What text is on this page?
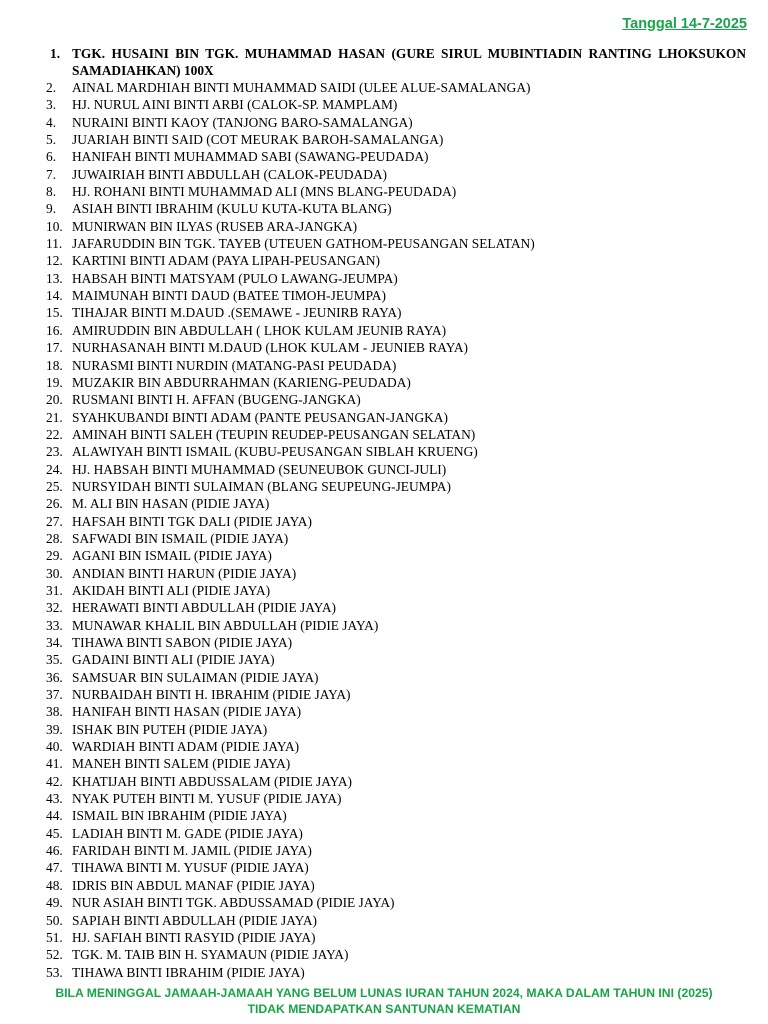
Tanggal 14-7-2025
1. TGK. HUSAINI BIN TGK. MUHAMMAD HASAN (GURE SIRUL MUBINTIADIN RANTING LHOKSUKON SAMADIAHKAN) 100X
2.	AINAL MARDHIAH BINTI MUHAMMAD SAIDI (ULEE ALUE-SAMALANGA)
3.	HJ. NURUL AINI BINTI ARBI (CALOK-SP. MAMPLAM)
4.	NURAINI BINTI KAOY (TANJONG BARO-SAMALANGA)
5.	JUARIAH BINTI SAID (COT MEURAK BAROH-SAMALANGA)
6.	HANIFAH BINTI MUHAMMAD SABI (SAWANG-PEUDADA)
7.	JUWAIRIAH BINTI ABDULLAH (CALOK-PEUDADA)
8.	HJ. ROHANI BINTI MUHAMMAD ALI (MNS BLANG-PEUDADA)
9.	ASIAH BINTI IBRAHIM (KULU KUTA-KUTA BLANG)
10. MUNIRWAN BIN ILYAS (RUSEB ARA-JANGKA)
11. JAFARUDDIN BIN TGK. TAYEB (UTEUEN GATHOM-PEUSANGAN SELATAN)
12. KARTINI BINTI ADAM (PAYA LIPAH-PEUSANGAN)
13. HABSAH BINTI MATSYAM (PULO LAWANG-JEUMPA)
14. MAIMUNAH BINTI DAUD (BATEE TIMOH-JEUMPA)
15. TIHAJAR BINTI M.DAUD .(SEMAWE - JEUNIRB RAYA)
16. AMIRUDDIN BIN ABDULLAH ( LHOK KULAM JEUNIB RAYA)
17. NURHASANAH BINTI M.DAUD (LHOK KULAM - JEUNIEB RAYA)
18. NURASMI BINTI NURDIN (MATANG-PASI PEUDADA)
19. MUZAKIR BIN ABDURRAHMAN (KARIENG-PEUDADA)
20. RUSMANI BINTI H. AFFAN (BUGENG-JANGKA)
21. SYAHKUBANDI BINTI ADAM (PANTE PEUSANGAN-JANGKA)
22. AMINAH BINTI SALEH (TEUPIN REUDEP-PEUSANGAN SELATAN)
23. ALAWIYAH BINTI ISMAIL (KUBU-PEUSANGAN SIBLAH KRUENG)
24. HJ. HABSAH BINTI MUHAMMAD (SEUNEUBOK GUNCI-JULI)
25. NURSYIDAH BINTI SULAIMAN (BLANG SEUPEUNG-JEUMPA)
26. M. ALI BIN HASAN (PIDIE JAYA)
27. HAFSAH BINTI TGK DALI (PIDIE JAYA)
28. SAFWADI BIN ISMAIL (PIDIE JAYA)
29. AGANI BIN ISMAIL (PIDIE JAYA)
30. ANDIAN BINTI HARUN (PIDIE JAYA)
31. AKIDAH BINTI ALI (PIDIE JAYA)
32. HERAWATI BINTI ABDULLAH (PIDIE JAYA)
33. MUNAWAR KHALIL BIN ABDULLAH (PIDIE JAYA)
34. TIHAWA BINTI SABON (PIDIE JAYA)
35. GADAINI BINTI ALI (PIDIE JAYA)
36. SAMSUAR BIN SULAIMAN (PIDIE JAYA)
37. NURBAIDAH BINTI H. IBRAHIM (PIDIE JAYA)
38. HANIFAH BINTI HASAN (PIDIE JAYA)
39. ISHAK BIN PUTEH (PIDIE JAYA)
40. WARDIAH BINTI ADAM (PIDIE JAYA)
41. MANEH BINTI SALEM (PIDIE JAYA)
42. KHATIJAH BINTI ABDUSSALAM (PIDIE JAYA)
43. NYAK PUTEH BINTI M. YUSUF (PIDIE JAYA)
44. ISMAIL BIN IBRAHIM (PIDIE JAYA)
45. LADIAH BINTI M. GADE (PIDIE JAYA)
46. FARIDAH BINTI M. JAMIL (PIDIE JAYA)
47. TIHAWA BINTI M. YUSUF (PIDIE JAYA)
48. IDRIS BIN ABDUL MANAF (PIDIE JAYA)
49. NUR ASIAH BINTI TGK. ABDUSSAMAD (PIDIE JAYA)
50. SAPIAH BINTI ABDULLAH (PIDIE JAYA)
51. HJ. SAFIAH BINTI RASYID (PIDIE JAYA)
52. TGK. M. TAIB BIN H. SYAMAUN (PIDIE JAYA)
53. TIHAWA BINTI IBRAHIM (PIDIE JAYA)
BILA MENINGGAL JAMAAH-JAMAAH YANG BELUM LUNAS IURAN TAHUN 2024, MAKA DALAM TAHUN INI (2025)
TIDAK MENDAPATKAN SANTUNAN KEMATIAN
